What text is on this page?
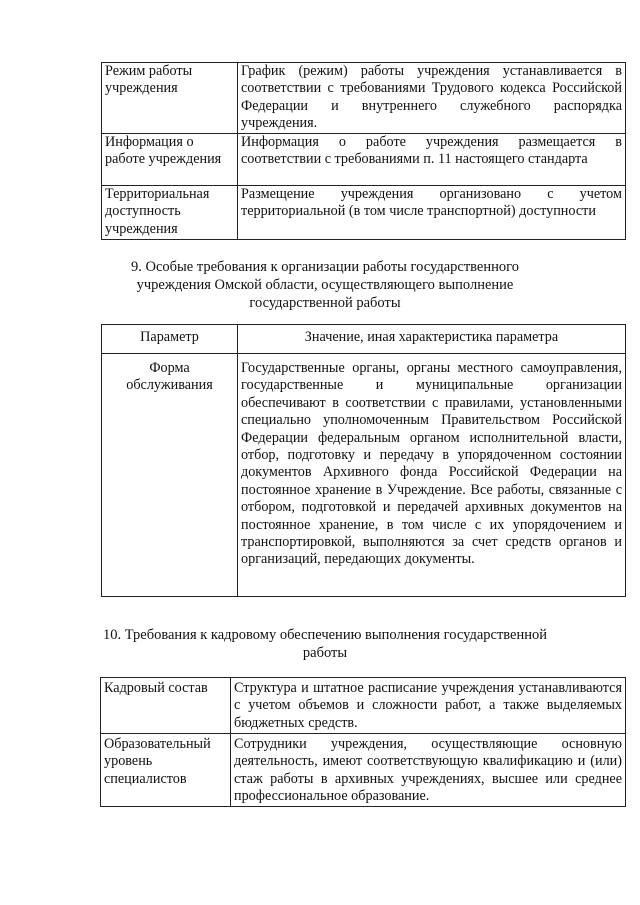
Режим работы учреждения	График (режим) работы учреждения устанавливается в соответствии с требованиями Трудового кодекса Российской Федерации и внутреннего служебного распорядка учреждения.
Информация о работе учреждения	Информация о работе учреждения размещается в соответствии с требованиями п. 11 настоящего стандарта
Территориальная доступность учреждения	Размещение учреждения организовано с учетом территориальной (в том числе транспортной) доступности
9. Особые требования к организации работы государственного
учреждения Омской области, осуществляющего выполнение
государственной работы
Параметр	Значение, иная характеристика параметра
Форма обслуживания	Государственные органы, органы местного самоуправления, государственные и муниципальные организации обеспечивают в соответствии с правилами, установленными специально уполномоченным Правительством Российской Федерации федеральным органом исполнительной власти, отбор, подготовку и передачу в упорядоченном состоянии документов Архивного фонда Российской Федерации на постоянное хранение в Учреждение. Все работы, связанные с отбором, подготовкой и передачей архивных документов на постоянное хранение, в том числе с их упорядочением и транспортировкой, выполняются за счет средств органов и организаций, передающих документы.
10. Требования к кадровому обеспечению выполнения государственной
работы
Кадровый состав	Структура и штатное расписание учреждения устанавливаются с учетом объемов и сложности работ, а также выделяемых бюджетных средств.
Образовательный уровень специалистов	Сотрудники учреждения, осуществляющие основную деятельность, имеют соответствующую квалификацию и (или) стаж работы в архивных учреждениях, высшее или среднее профессиональное образование.
